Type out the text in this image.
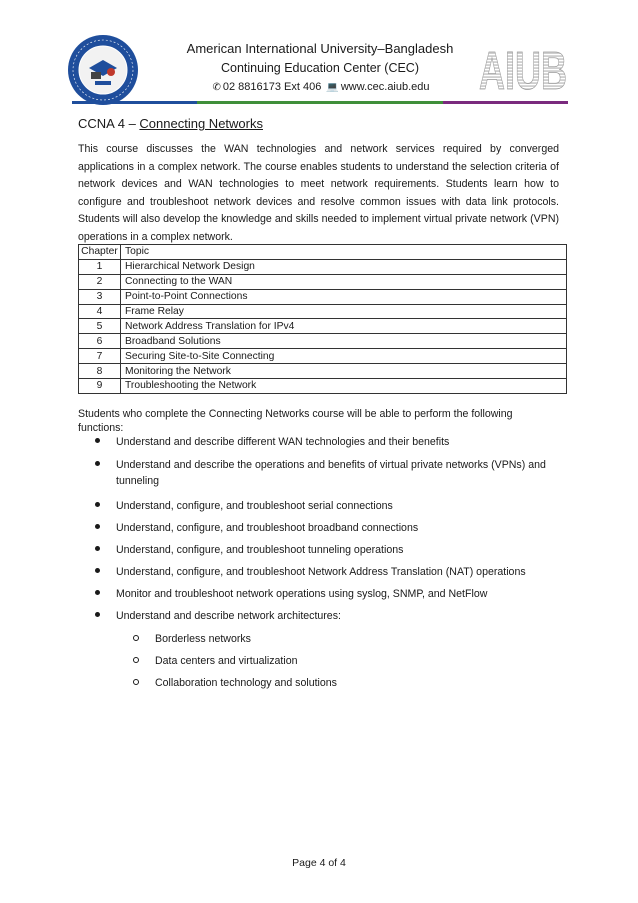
American International University–Bangladesh
Continuing Education Center (CEC)
✆ 02 8816173 Ext 406 💻 www.cec.aiub.edu AIUB
CCNA 4 – Connecting Networks

This course discusses the WAN technologies and network services required by converged applications in a complex network. The course enables students to understand the selection criteria of network devices and WAN technologies to meet network requirements. Students learn how to configure and troubleshoot network devices and resolve common issues with data link protocols. Students will also develop the knowledge and skills needed to implement virtual private network (VPN) operations in a complex network.

Chapter	Topic
1	Hierarchical Network Design
2	Connecting to the WAN
3	Point-to-Point Connections
4	Frame Relay
5	Network Address Translation for IPv4
6	Broadband Solutions
7	Securing Site-to-Site Connecting
8	Monitoring the Network
9	Troubleshooting the Network

Students who complete the Connecting Networks course will be able to perform the following functions:

Understand and describe different WAN technologies and their benefits
Understand and describe the operations and benefits of virtual private networks (VPNs) and tunneling
Understand, configure, and troubleshoot serial connections
Understand, configure, and troubleshoot broadband connections
Understand, configure, and troubleshoot tunneling operations
Understand, configure, and troubleshoot Network Address Translation (NAT) operations
Monitor and troubleshoot network operations using syslog, SNMP, and NetFlow
Understand and describe network architectures:
Borderless networks
Data centers and virtualization
Collaboration technology and solutions
Page 4 of 4
